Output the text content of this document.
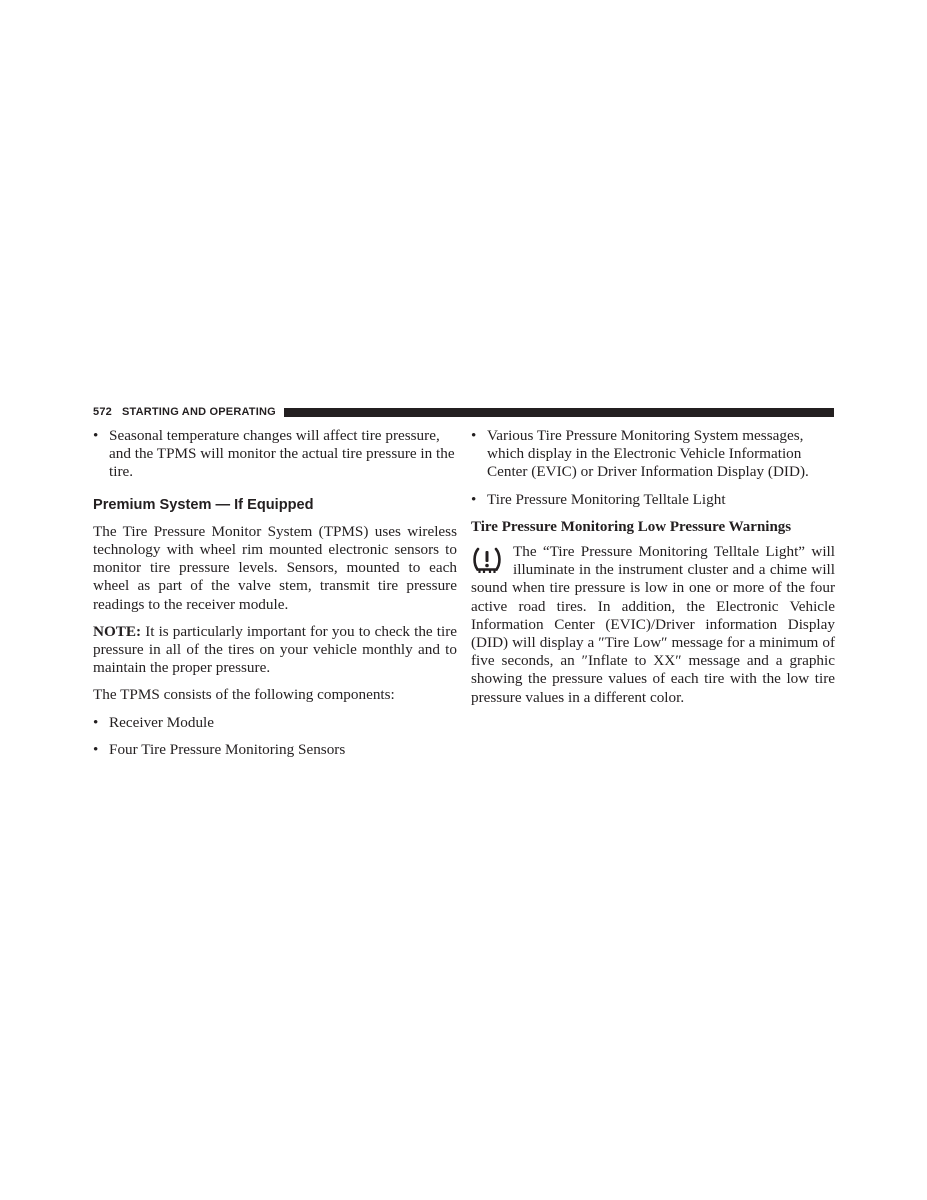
572 STARTING AND OPERATING
• Seasonal temperature changes will affect tire pressure, and the TPMS will monitor the actual tire pressure in the tire.
Premium System — If Equipped

The Tire Pressure Monitor System (TPMS) uses wireless technology with wheel rim mounted electronic sensors to monitor tire pressure levels. Sensors, mounted to each wheel as part of the valve stem, transmit tire pressure readings to the receiver module.

NOTE: It is particularly important for you to check the tire pressure in all of the tires on your vehicle monthly and to maintain the proper pressure.

The TPMS consists of the following components:

• Receiver Module
• Four Tire Pressure Monitoring Sensors
• Various Tire Pressure Monitoring System messages, which display in the Electronic Vehicle Information Center (EVIC) or Driver Information Display (DID).
• Tire Pressure Monitoring Telltale Light
Tire Pressure Monitoring Low Pressure Warnings
The “Tire Pressure Monitoring Telltale Light” will illuminate in the instrument cluster and a chime will sound when tire pressure is low in one or more of the four active road tires. In addition, the Electronic Vehicle Information Center (EVIC)/Driver information Display (DID) will display a ″Tire Low″ message for a minimum of five seconds, an ″Inflate to XX″ message and a graphic showing the pressure values of each tire with the low tire pressure values in a different color.
